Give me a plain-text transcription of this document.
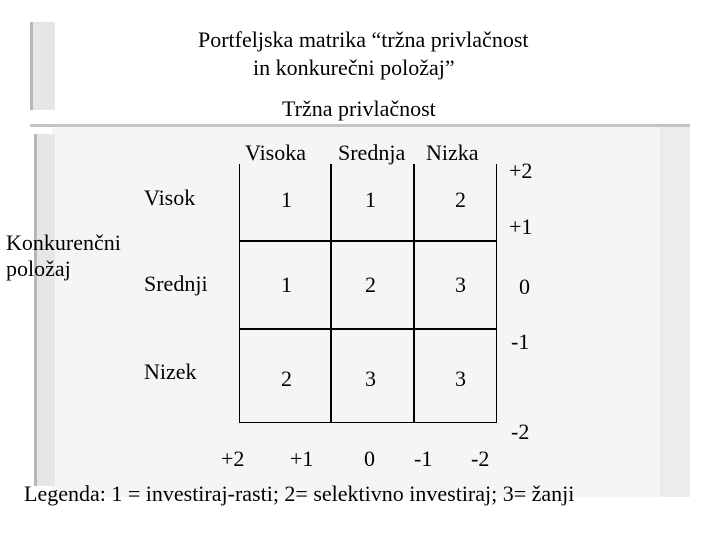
Portfeljska matrika “tržna privlačnost
in konkurečni položaj”
Tržna privlačnost
Visoka Srednja Nizka
Konkurenčni
položaj
Visok
Srednji
Nizek
1	1	2
1	2	3
2	3	3
+2
+1
0
-1
-2
+2 +1 0 -1 -2
Legenda: 1 = investiraj-rasti; 2= selektivno investiraj; 3= žanji
